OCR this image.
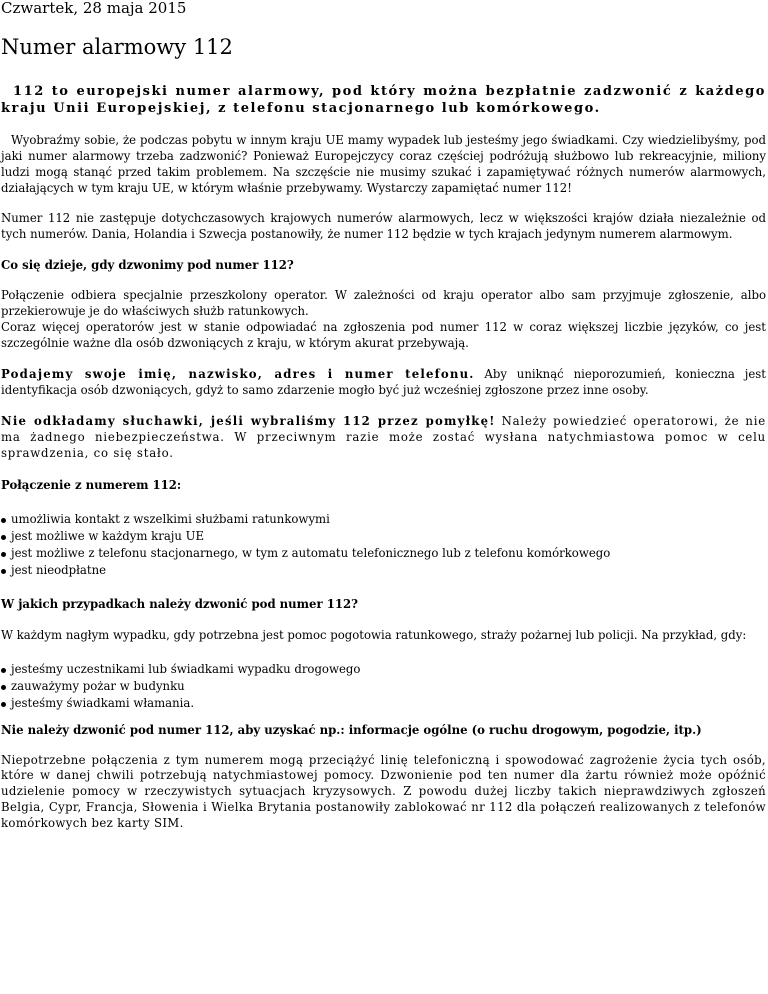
Czwartek, 28 maja 2015
Numer alarmowy 112

112 to europejski numer alarmowy, pod który można bezpłatnie zadzwonić z każdego kraju Unii Europejskiej, z telefonu stacjonarnego lub komórkowego.

Wyobraźmy sobie, że podczas pobytu w innym kraju UE mamy wypadek lub jesteśmy jego świadkami. Czy wiedzielibyśmy, pod jaki numer alarmowy trzeba zadzwonić? Ponieważ Europejczycy coraz częściej podróżują służbowo lub rekreacyjnie, miliony ludzi mogą stanąć przed takim problemem. Na szczęście nie musimy szukać i zapamiętywać różnych numerów alarmowych, działających w tym kraju UE, w którym właśnie przebywamy. Wystarczy zapamiętać numer 112!

Numer 112 nie zastępuje dotychczasowych krajowych numerów alarmowych, lecz w większości krajów działa niezależnie od tych numerów. Dania, Holandia i Szwecja postanowiły, że numer 112 będzie w tych krajach jedynym numerem alarmowym.

Co się dzieje, gdy dzwonimy pod numer 112?

Połączenie odbiera specjalnie przeszkolony operator. W zależności od kraju operator albo sam przyjmuje zgłoszenie, albo przekierowuje je do właściwych służb ratunkowych.

Coraz więcej operatorów jest w stanie odpowiadać na zgłoszenia pod numer 112 w coraz większej liczbie języków, co jest szczególnie ważne dla osób dzwoniących z kraju, w którym akurat przebywają.

Podajemy swoje imię, nazwisko, adres i numer telefonu. Aby uniknąć nieporozumień, konieczna jest identyfikacja osób dzwoniących, gdyż to samo zdarzenie mogło być już wcześniej zgłoszone przez inne osoby.

Nie odkładamy słuchawki, jeśli wybraliśmy 112 przez pomyłkę! Należy powiedzieć operatorowi, że nie ma żadnego niebezpieczeństwa. W przeciwnym razie może zostać wysłana natychmiastowa pomoc w celu sprawdzenia, co się stało.

Połączenie z numerem 112:
umożliwia kontakt z wszelkimi służbami ratunkowymi
jest możliwe w każdym kraju UE
jest możliwe z telefonu stacjonarnego, w tym z automatu telefonicznego lub z telefonu komórkowego
jest nieodpłatne
W jakich przypadkach należy dzwonić pod numer 112?

W każdym nagłym wypadku, gdy potrzebna jest pomoc pogotowia ratunkowego, straży pożarnej lub policji. Na przykład, gdy:

jesteśmy uczestnikami lub świadkami wypadku drogowego
zauważymy pożar w budynku
jesteśmy świadkami włamania.
Nie należy dzwonić pod numer 112, aby uzyskać np.: informacje ogólne (o ruchu drogowym, pogodzie, itp.)

Niepotrzebne połączenia z tym numerem mogą przeciążyć linię telefoniczną i spowodować zagrożenie życia tych osób, które w danej chwili potrzebują natychmiastowej pomocy. Dzwonienie pod ten numer dla żartu również może opóźnić udzielenie pomocy w rzeczywistych sytuacjach kryzysowych. Z powodu dużej liczby takich nieprawdziwych zgłoszeń Belgia, Cypr, Francja, Słowenia i Wielka Brytania postanowiły zablokować nr 112 dla połączeń realizowanych z telefonów komórkowych bez karty SIM.
